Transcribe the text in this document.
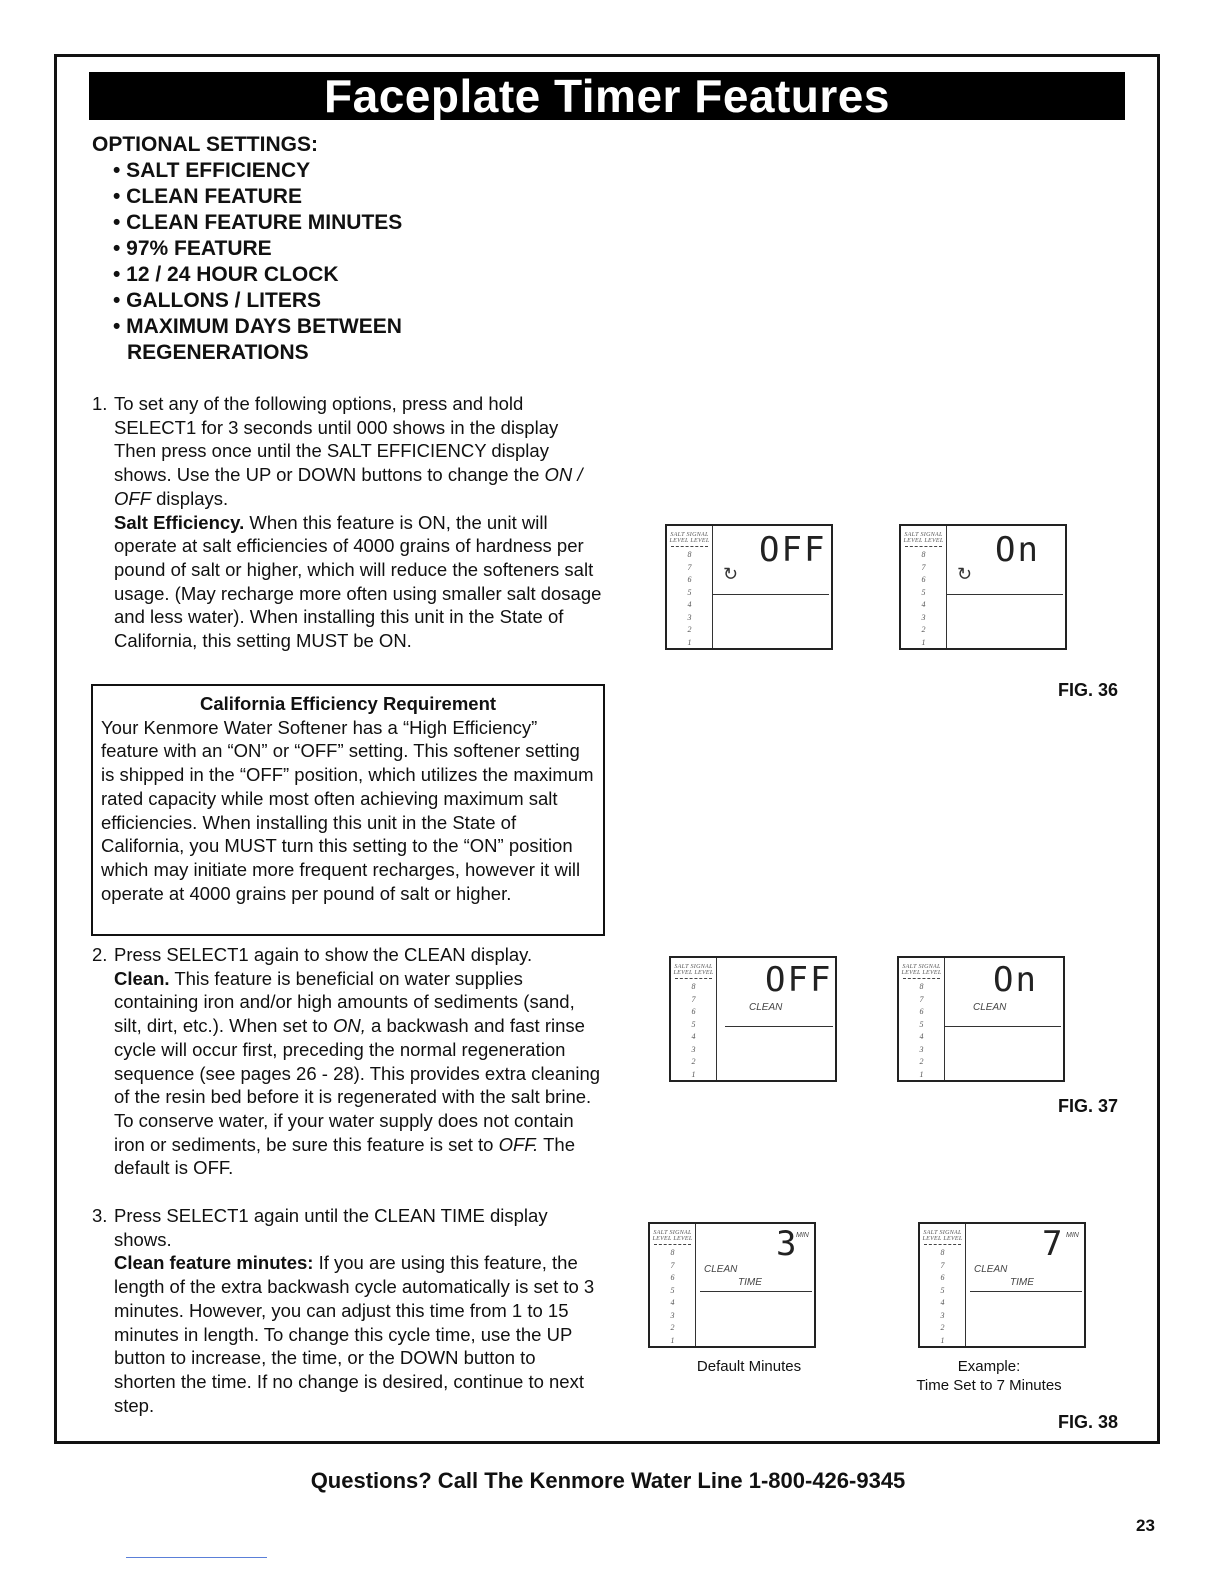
Faceplate Timer Features
OPTIONAL SETTINGS:
• SALT EFFICIENCY
• CLEAN FEATURE
• CLEAN FEATURE MINUTES
• 97% FEATURE
• 12 / 24 HOUR CLOCK
• GALLONS / LITERS
• MAXIMUM DAYS BETWEEN REGENERATIONS
1. To set any of the following options, press and hold SELECT1 for 3 seconds until 000 shows in the display Then press once until the SALT EFFICIENCY display shows. Use the UP or DOWN buttons to change the ON / OFF displays.
Salt Efficiency. When this feature is ON, the unit will operate at salt efficiencies of 4000 grains of hardness per pound of salt or higher, which will reduce the softeners salt usage. (May recharge more often using smaller salt dosage and less water). When installing this unit in the State of California, this setting MUST be ON.
California Efficiency Requirement
Your Kenmore Water Softener has a “High Efficiency” feature with an “ON” or “OFF” setting. This softener setting is shipped in the “OFF” position, which utilizes the maximum rated capacity while most often achieving maximum salt efficiencies. When installing this unit in the State of California, you MUST turn this setting to the “ON” position which may initiate more frequent recharges, however it will operate at 4000 grains per pound of salt or higher.
2. Press SELECT1 again to show the CLEAN display.
Clean. This feature is beneficial on water supplies containing iron and/or high amounts of sediments (sand, silt, dirt, etc.). When set to ON, a backwash and fast rinse cycle will occur first, preceding the normal regeneration sequence (see pages 26 - 28). This provides extra cleaning of the resin bed before it is regenerated with the salt brine. To conserve water, if your water supply does not contain iron or sediments, be sure this feature is set to OFF. The default is OFF.
3. Press SELECT1 again until the CLEAN TIME display shows.
Clean feature minutes: If you are using this feature, the length of the extra backwash cycle automatically is set to 3 minutes. However, you can adjust this time from 1 to 15 minutes in length. To change this cycle time, use the UP button to increase, the time, or the DOWN button to shorten the time. If no change is desired, continue to next step.
SALT SIGNAL
LEVEL LEVEL
8
7
6
5
4
3
2
1
OFF
↻
SALT SIGNAL
LEVEL LEVEL
8
7
6
5
4
3
2
1
On
↻
FIG. 36
SALT SIGNAL
LEVEL LEVEL
8
7
6
5
4
3
2
1
OFF
CLEAN
SALT SIGNAL
LEVEL LEVEL
8
7
6
5
4
3
2
1
On
CLEAN
FIG. 37
SALT SIGNAL
LEVEL LEVEL
8
7
6
5
4
3
2
1
3
MIN
CLEAN
TIME
SALT SIGNAL
LEVEL LEVEL
8
7
6
5
4
3
2
1
7 MIN
CLEAN
TIME
Default Minutes	Example:
Time Set to 7 Minutes
FIG. 38
Questions? Call The Kenmore Water Line 1-800-426-9345
23
